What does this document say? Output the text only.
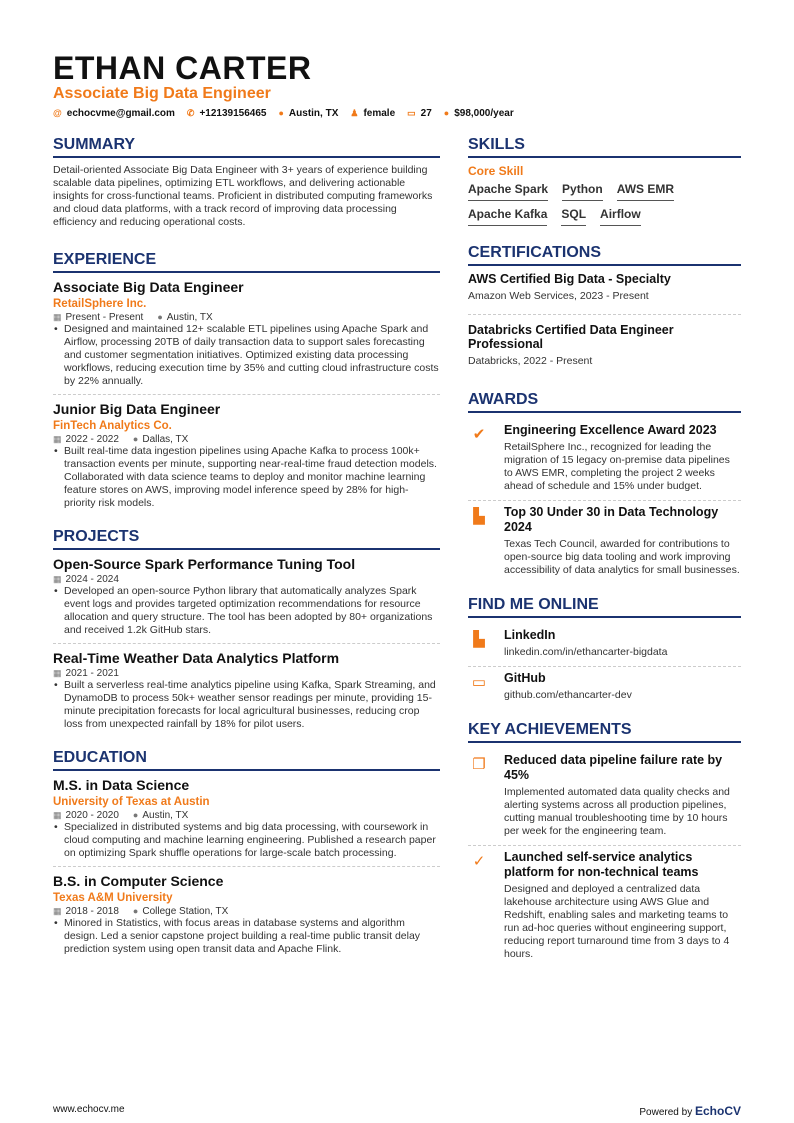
ETHAN CARTER
Associate Big Data Engineer
@ echocvme@gmail.com ✆ +12139156465 ● Austin, TX ♟ female ▭ 27 ● $98,000/year
SUMMARY
Detail-oriented Associate Big Data Engineer with 3+ years of experience building scalable data pipelines, optimizing ETL workflows, and delivering actionable insights for cross-functional teams. Proficient in distributed computing frameworks and cloud data platforms, with a track record of improving data processing efficiency and reducing operational costs.
EXPERIENCE
Associate Big Data Engineer
RetailSphere Inc.
▦ Present - Present ● Austin, TX
• Designed and maintained 12+ scalable ETL pipelines using Apache Spark and Airflow, processing 20TB of daily transaction data to support sales forecasting and customer segmentation initiatives. Optimized existing data processing workflows, reducing execution time by 35% and cutting cloud infrastructure costs by 22% annually.
Junior Big Data Engineer
FinTech Analytics Co.
▦ 2022 - 2022 ● Dallas, TX
• Built real-time data ingestion pipelines using Apache Kafka to process 100k+ transaction events per minute, supporting near-real-time fraud detection models. Collaborated with data science teams to deploy and monitor machine learning feature stores on AWS, improving model inference speed by 28% for high-priority risk models.
PROJECTS
Open-Source Spark Performance Tuning Tool
▦ 2024 - 2024
• Developed an open-source Python library that automatically analyzes Spark event logs and provides targeted optimization recommendations for resource allocation and query structure. The tool has been adopted by 80+ organizations and received 1.2k GitHub stars.
Real-Time Weather Data Analytics Platform
▦ 2021 - 2021
• Built a serverless real-time analytics pipeline using Kafka, Spark Streaming, and DynamoDB to process 50k+ weather sensor readings per minute, providing 15-minute precipitation forecasts for local agricultural businesses, reducing crop loss from unexpected rainfall by 18% for pilot users.
EDUCATION
M.S. in Data Science
University of Texas at Austin
▦ 2020 - 2020 ● Austin, TX
• Specialized in distributed systems and big data processing, with coursework in cloud computing and machine learning engineering. Published a research paper on optimizing Spark shuffle operations for large-scale batch processing.
B.S. in Computer Science
Texas A&M University
▦ 2018 - 2018 ● College Station, TX
• Minored in Statistics, with focus areas in database systems and algorithm design. Led a senior capstone project building a real-time public transit delay prediction system using open transit data and Apache Flink.
SKILLS
Core Skill
Apache Spark Python AWS EMR
Apache Kafka SQL Airflow
CERTIFICATIONS
AWS Certified Big Data - Specialty
Amazon Web Services, 2023 - Present
Databricks Certified Data Engineer Professional
Databricks, 2022 - Present
AWARDS
✔	Engineering Excellence Award 2023
RetailSphere Inc., recognized for leading the migration of 15 legacy on-premise data pipelines to AWS EMR, completing the project 2 weeks ahead of schedule and 15% under budget.
▙	Top 30 Under 30 in Data Technology 2024
Texas Tech Council, awarded for contributions to open-source big data tooling and work improving accessibility of data analytics for small businesses.
FIND ME ONLINE
▙	LinkedIn
linkedin.com/in/ethancarter-bigdata
▭	GitHub
github.com/ethancarter-dev
KEY ACHIEVEMENTS
❐	Reduced data pipeline failure rate by 45%
Implemented automated data quality checks and alerting systems across all production pipelines, cutting manual troubleshooting time by 10 hours per week for the engineering team.
✓	Launched self-service analytics platform for non-technical teams
Designed and deployed a centralized data lakehouse architecture using AWS Glue and Redshift, enabling sales and marketing teams to run ad-hoc queries without engineering support, reducing report turnaround time from 3 days to 4 hours.
www.echocv.me	Powered by EchoCV
